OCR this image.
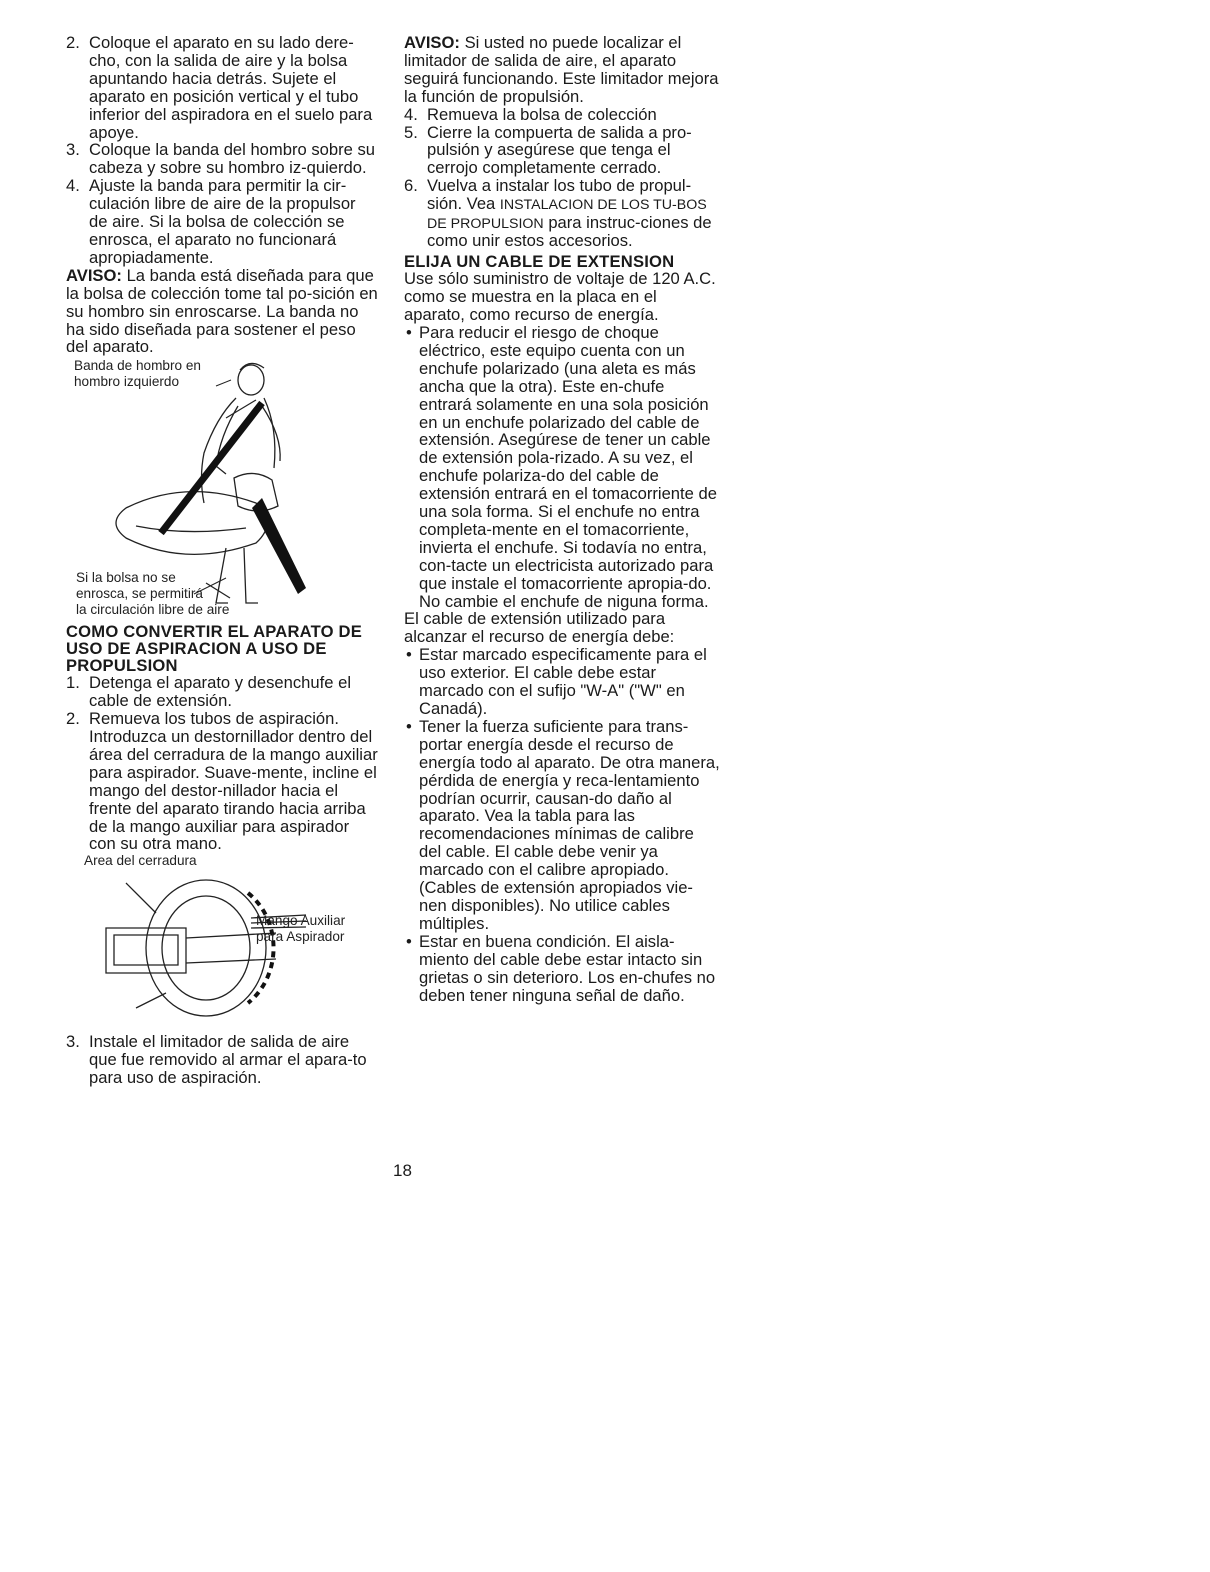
2. Coloque el aparato en su lado dere-cho, con la salida de aire y la bolsa apuntando hacia detrás. Sujete el aparato en posición vertical y el tubo inferior del aspiradora en el suelo para apoye.
3. Coloque la banda del hombro sobre su cabeza y sobre su hombro iz-quierdo.
4. Ajuste la banda para permitir la cir-culación libre de aire de la propulsor de aire. Si la bolsa de colección se enrosca, el aparato no funcionará apropiadamente.

AVISO: La banda está diseñada para que la bolsa de colección tome tal po-sición en su hombro sin enroscarse. La banda no ha sido diseñada para sostener el peso del aparato.

Banda de hombro en
hombro izquierdo
Si la bolsa no se
enrosca, se permitirá
la circulación libre de aire
COMO CONVERTIR EL APARATO DE USO DE ASPIRACION A USO DE PROPULSION
1. Detenga el aparato y desenchufe el cable de extensión.
2. Remueva los tubos de aspiración. Introduzca un destornillador dentro del área del cerradura de la mango auxiliar para aspirador. Suave-mente, incline el mango del destor-nillador hacia el frente del aparato tirando hacia arriba de la mango auxiliar para aspirador con su otra mano.
Area del cerradura
Mango Auxiliar
para Aspirador
3. Instale el limitador de salida de aire que fue removido al armar el apara-to para uso de aspiración.

AVISO: Si usted no puede localizar el limitador de salida de aire, el aparato seguirá funcionando. Este limitador mejora la función de propulsión.

4. Remueva la bolsa de colección
5. Cierre la compuerta de salida a pro-pulsión y asegúrese que tenga el cerrojo completamente cerrado.
6. Vuelva a instalar los tubo de propul-sión. Vea INSTALACION DE LOS TU-BOS DE PROPULSION para instruc-ciones de como unir estos accesorios.
ELIJA UN CABLE DE EXTENSION

Use sólo suministro de voltaje de 120 A.C. como se muestra en la placa en el aparato, como recurso de energía.

• Para reducir el riesgo de choque eléctrico, este equipo cuenta con un enchufe polarizado (una aleta es más ancha que la otra). Este en-chufe entrará solamente en una sola posición en un enchufe polarizado del cable de extensión. Asegúrese de tener un cable de extensión pola-rizado. A su vez, el enchufe polariza-do del cable de extensión entrará en el tomacorriente de una sola forma. Si el enchufe no entra completa-mente en el tomacorriente, invierta el enchufe. Si todavía no entra, con-tacte un electricista autorizado para que instale el tomacorriente apropia-do. No cambie el enchufe de niguna forma.

El cable de extensión utilizado para alcanzar el recurso de energía debe:

• Estar marcado especificamente para el uso exterior. El cable debe estar marcado con el sufijo "W-A" ("W" en Canadá).
• Tener la fuerza suficiente para trans-portar energía desde el recurso de energía todo al aparato. De otra manera, pérdida de energía y reca-lentamiento podrían ocurrir, causan-do daño al aparato. Vea la tabla para las recomendaciones mínimas de calibre del cable. El cable debe venir ya marcado con el calibre apropiado. (Cables de extensión apropiados vie-nen disponibles). No utilice cables múltiples.
• Estar en buena condición. El aisla-miento del cable debe estar intacto sin grietas o sin deterioro. Los en-chufes no deben tener ninguna señal de daño.
18
